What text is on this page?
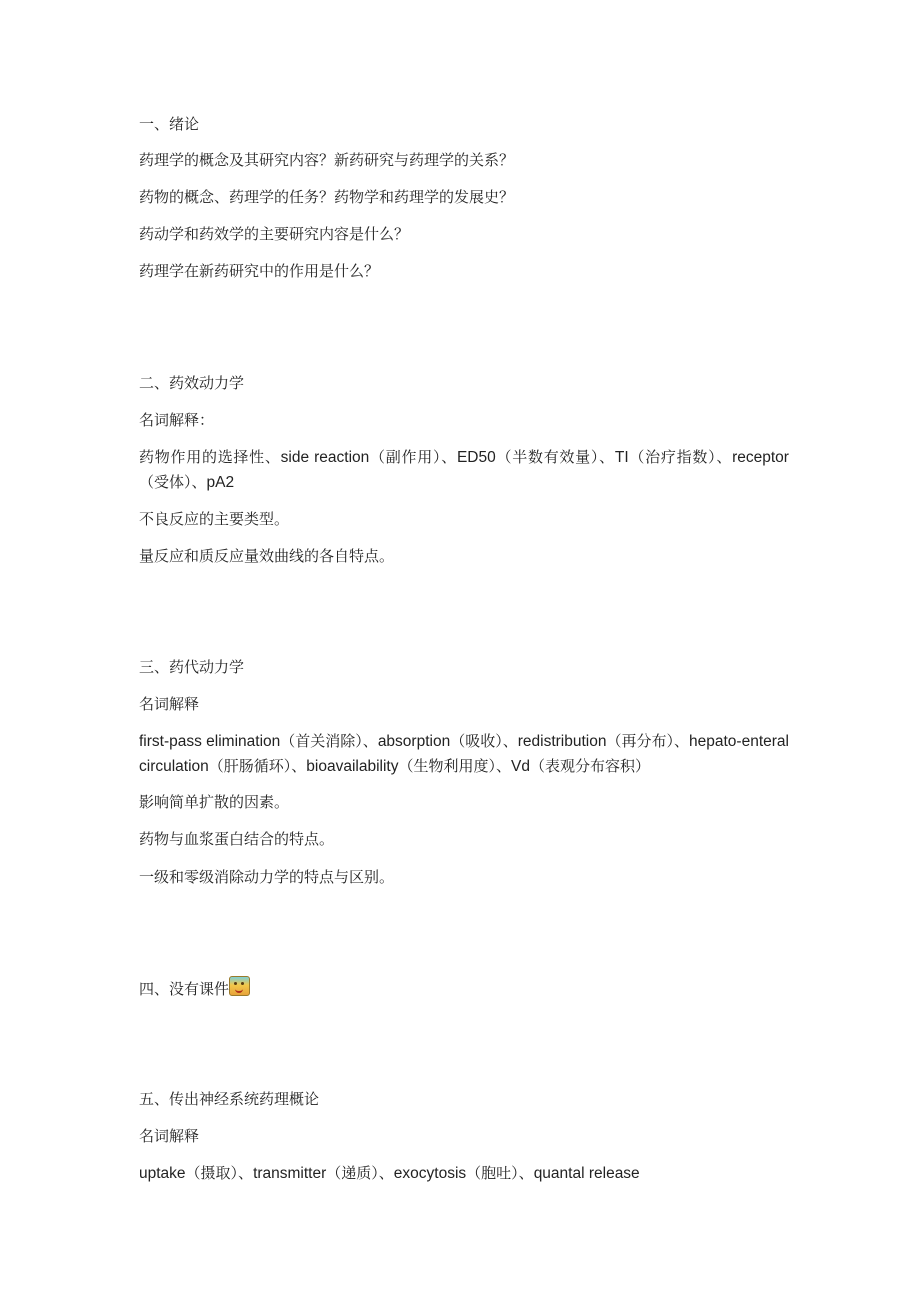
一、绪论
药理学的概念及其研究内容？新药研究与药理学的关系？
药物的概念、药理学的任务？药物学和药理学的发展史？
药动学和药效学的主要研究内容是什么？
药理学在新药研究中的作用是什么？
二、药效动力学
名词解释：
药物作用的选择性、side reaction（副作用）、ED50（半数有效量）、TI（治疗指数）、receptor（受体）、pA2
不良反应的主要类型。
量反应和质反应量效曲线的各自特点。
三、药代动力学
名词解释
first-pass elimination（首关消除）、absorption（吸收）、redistribution（再分布）、hepato-enteral circulation（肝肠循环）、bioavailability（生物利用度）、Vd（表观分布容积）
影响简单扩散的因素。
药物与血浆蛋白结合的特点。
一级和零级消除动力学的特点与区别。
四、没有课件
五、传出神经系统药理概论
名词解释
uptake（摄取）、transmitter（递质）、exocytosis（胞吐）、quantal release
